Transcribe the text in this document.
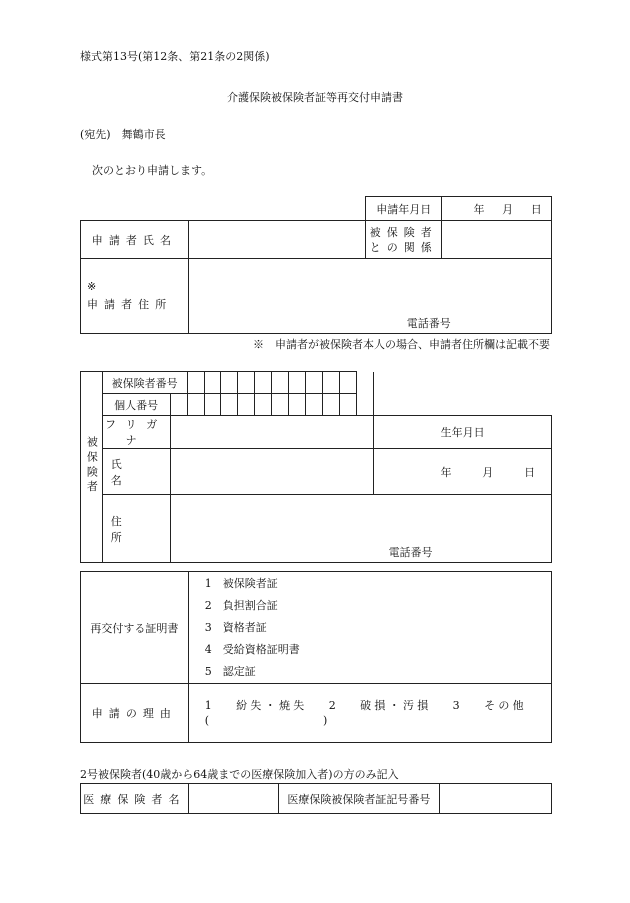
様式第13号(第12条、第21条の2関係)
介護保険被保険者証等再交付申請書
(宛先)　舞鶴市長
次のとおり申請します。
		申請年月日	年　月　日
申請者氏名		被保険者
との関係	

※
申請者住所	電話番号		
※　申請者が被保険者本人の場合、申請者住所欄は記載不要
被保険者	被保険者番号													
	個人番号													
	フリガナ													生年月日
	氏　名													年　月　日
	住　所	電話番号												
再交付する証明書	1　被保険者証
2　負担割合証
3　資格者証
4　受給資格証明書
5　認定証

申請の理由	1　 紛失・焼失　 2　 破損・汚損　 3　 その他
( )
2号被保険者(40歳から64歳までの医療保険加入者)の方のみ記入
医療保険者名		医療保険被保険者証記号番号	
